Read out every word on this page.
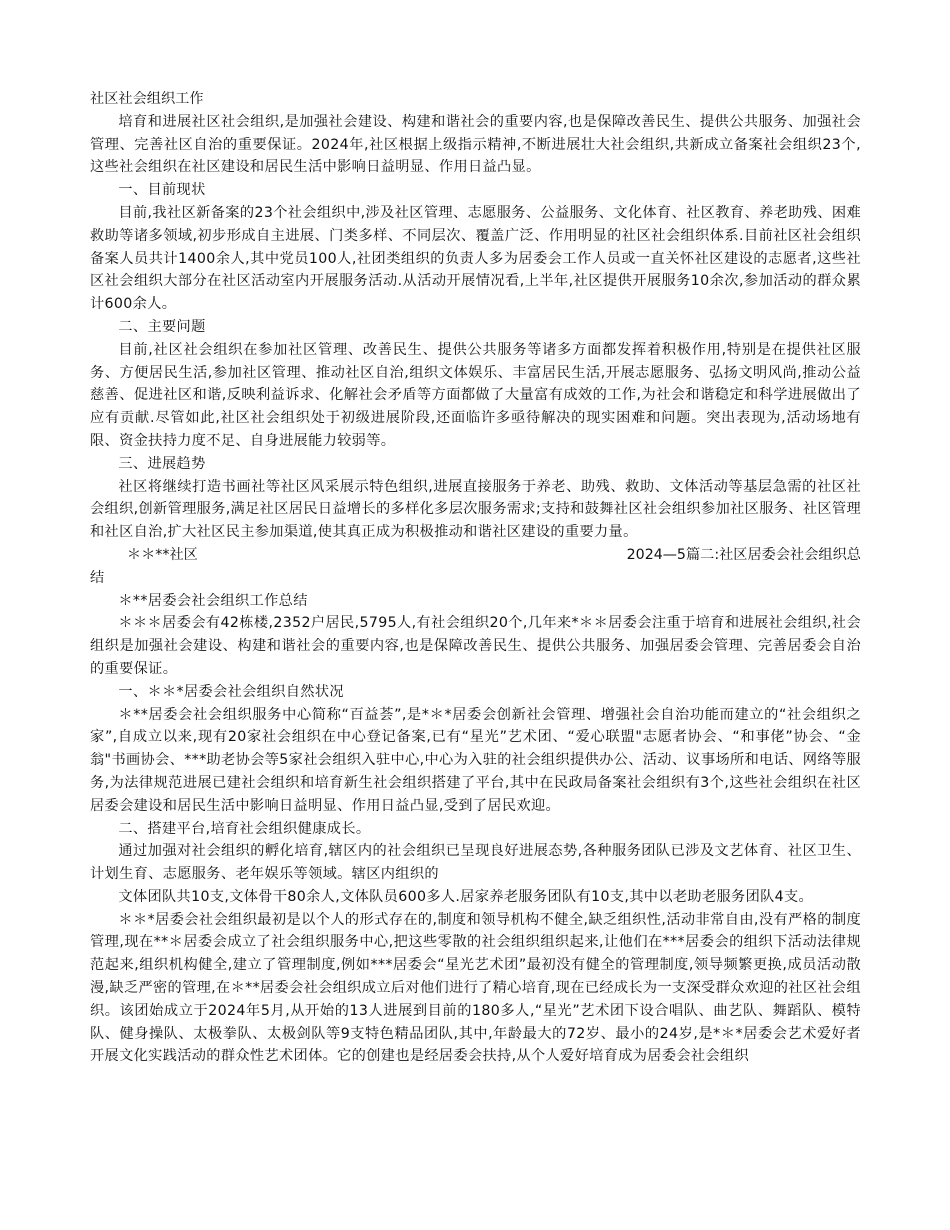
社区社会组织工作

培育和进展社区社会组织,是加强社会建设、构建和谐社会的重要内容,也是保障改善民生、提供公共服务、加强社会管理、完善社区自治的重要保证。2024年,社区根据上级指示精神,不断进展壮大社会组织,共新成立备案社会组织23个,这些社会组织在社区建设和居民生活中影响日益明显、作用日益凸显。

一、目前现状

目前,我社区新备案的23个社会组织中,涉及社区管理、志愿服务、公益服务、文化体育、社区教育、养老助残、困难救助等诸多领域,初步形成自主进展、门类多样、不同层次、覆盖广泛、作用明显的社区社会组织体系.目前社区社会组织备案人员共计1400余人,其中党员100人,社团类组织的负责人多为居委会工作人员或一直关怀社区建设的志愿者,这些社区社会组织大部分在社区活动室内开展服务活动.从活动开展情况看,上半年,社区提供开展服务10余次,参加活动的群众累计600余人。

二、主要问题

目前,社区社会组织在参加社区管理、改善民生、提供公共服务等诸多方面都发挥着积极作用,特别是在提供社区服务、方便居民生活,参加社区管理、推动社区自治,组织文体娱乐、丰富居民生活,开展志愿服务、弘扬文明风尚,推动公益慈善、促进社区和谐,反映利益诉求、化解社会矛盾等方面都做了大量富有成效的工作,为社会和谐稳定和科学进展做出了应有贡献.尽管如此,社区社会组织处于初级进展阶段,还面临许多亟待解决的现实困难和问题。突出表现为,活动场地有限、资金扶持力度不足、自身进展能力较弱等。

三、进展趋势

社区将继续打造书画社等社区风采展示特色组织,进展直接服务于养老、助残、救助、文体活动等基层急需的社区社会组织,创新管理服务,满足社区居民日益增长的多样化多层次服务需求;支持和鼓舞社区社会组织参加社区服务、社区管理和社区自治,扩大社区民主参加渠道,使其真正成为积极推动和谐社区建设的重要力量。

＊＊**社区	2024—5篇二:社区居委会社会组织总

结

＊**居委会社会组织工作总结

＊＊＊居委会有42栋楼,2352户居民,5795人,有社会组织20个,几年来*＊＊居委会注重于培育和进展社会组织,社会组织是加强社会建设、构建和谐社会的重要内容,也是保障改善民生、提供公共服务、加强居委会管理、完善居委会自治的重要保证。

一、＊＊*居委会社会组织自然状况

＊**居委会社会组织服务中心简称“百益荟”,是*＊*居委会创新社会管理、增强社会自治功能而建立的“社会组织之家”,自成立以来,现有20家社会组织在中心登记备案,已有“星光”艺术团、“爱心联盟"志愿者协会、“和事佬”协会、“金翁"书画协会、***助老协会等5家社会组织入驻中心,中心为入驻的社会组织提供办公、活动、议事场所和电话、网络等服务,为法律规范进展已建社会组织和培育新生社会组织搭建了平台,其中在民政局备案社会组织有3个,这些社会组织在社区居委会建设和居民生活中影响日益明显、作用日益凸显,受到了居民欢迎。

二、搭建平台,培育社会组织健康成长。

通过加强对社会组织的孵化培育,辖区内的社会组织已呈现良好进展态势,各种服务团队已涉及文艺体育、社区卫生、计划生育、志愿服务、老年娱乐等领域。辖区内组织的

文体团队共10支,文体骨干80余人,文体队员600多人.居家养老服务团队有10支,其中以老助老服务团队4支。

＊＊*居委会社会组织最初是以个人的形式存在的,制度和领导机构不健全,缺乏组织性,活动非常自由,没有严格的制度管理,现在**＊居委会成立了社会组织服务中心,把这些零散的社会组织组织起来,让他们在***居委会的组织下活动法律规范起来,组织机构健全,建立了管理制度,例如***居委会“星光艺术团”最初没有健全的管理制度,领导频繁更换,成员活动散漫,缺乏严密的管理,在＊**居委会社会组织成立后对他们进行了精心培育,现在已经成长为一支深受群众欢迎的社区社会组织。该团始成立于2024年5月,从开始的13人进展到目前的180多人,“星光”艺术团下设合唱队、曲艺队、舞蹈队、模特队、健身操队、太极拳队、太极剑队等9支特色精品团队,其中,年龄最大的72岁、最小的24岁,是*＊*居委会艺术爱好者开展文化实践活动的群众性艺术团体。它的创建也是经居委会扶持,从个人爱好培育成为居委会社会组织
